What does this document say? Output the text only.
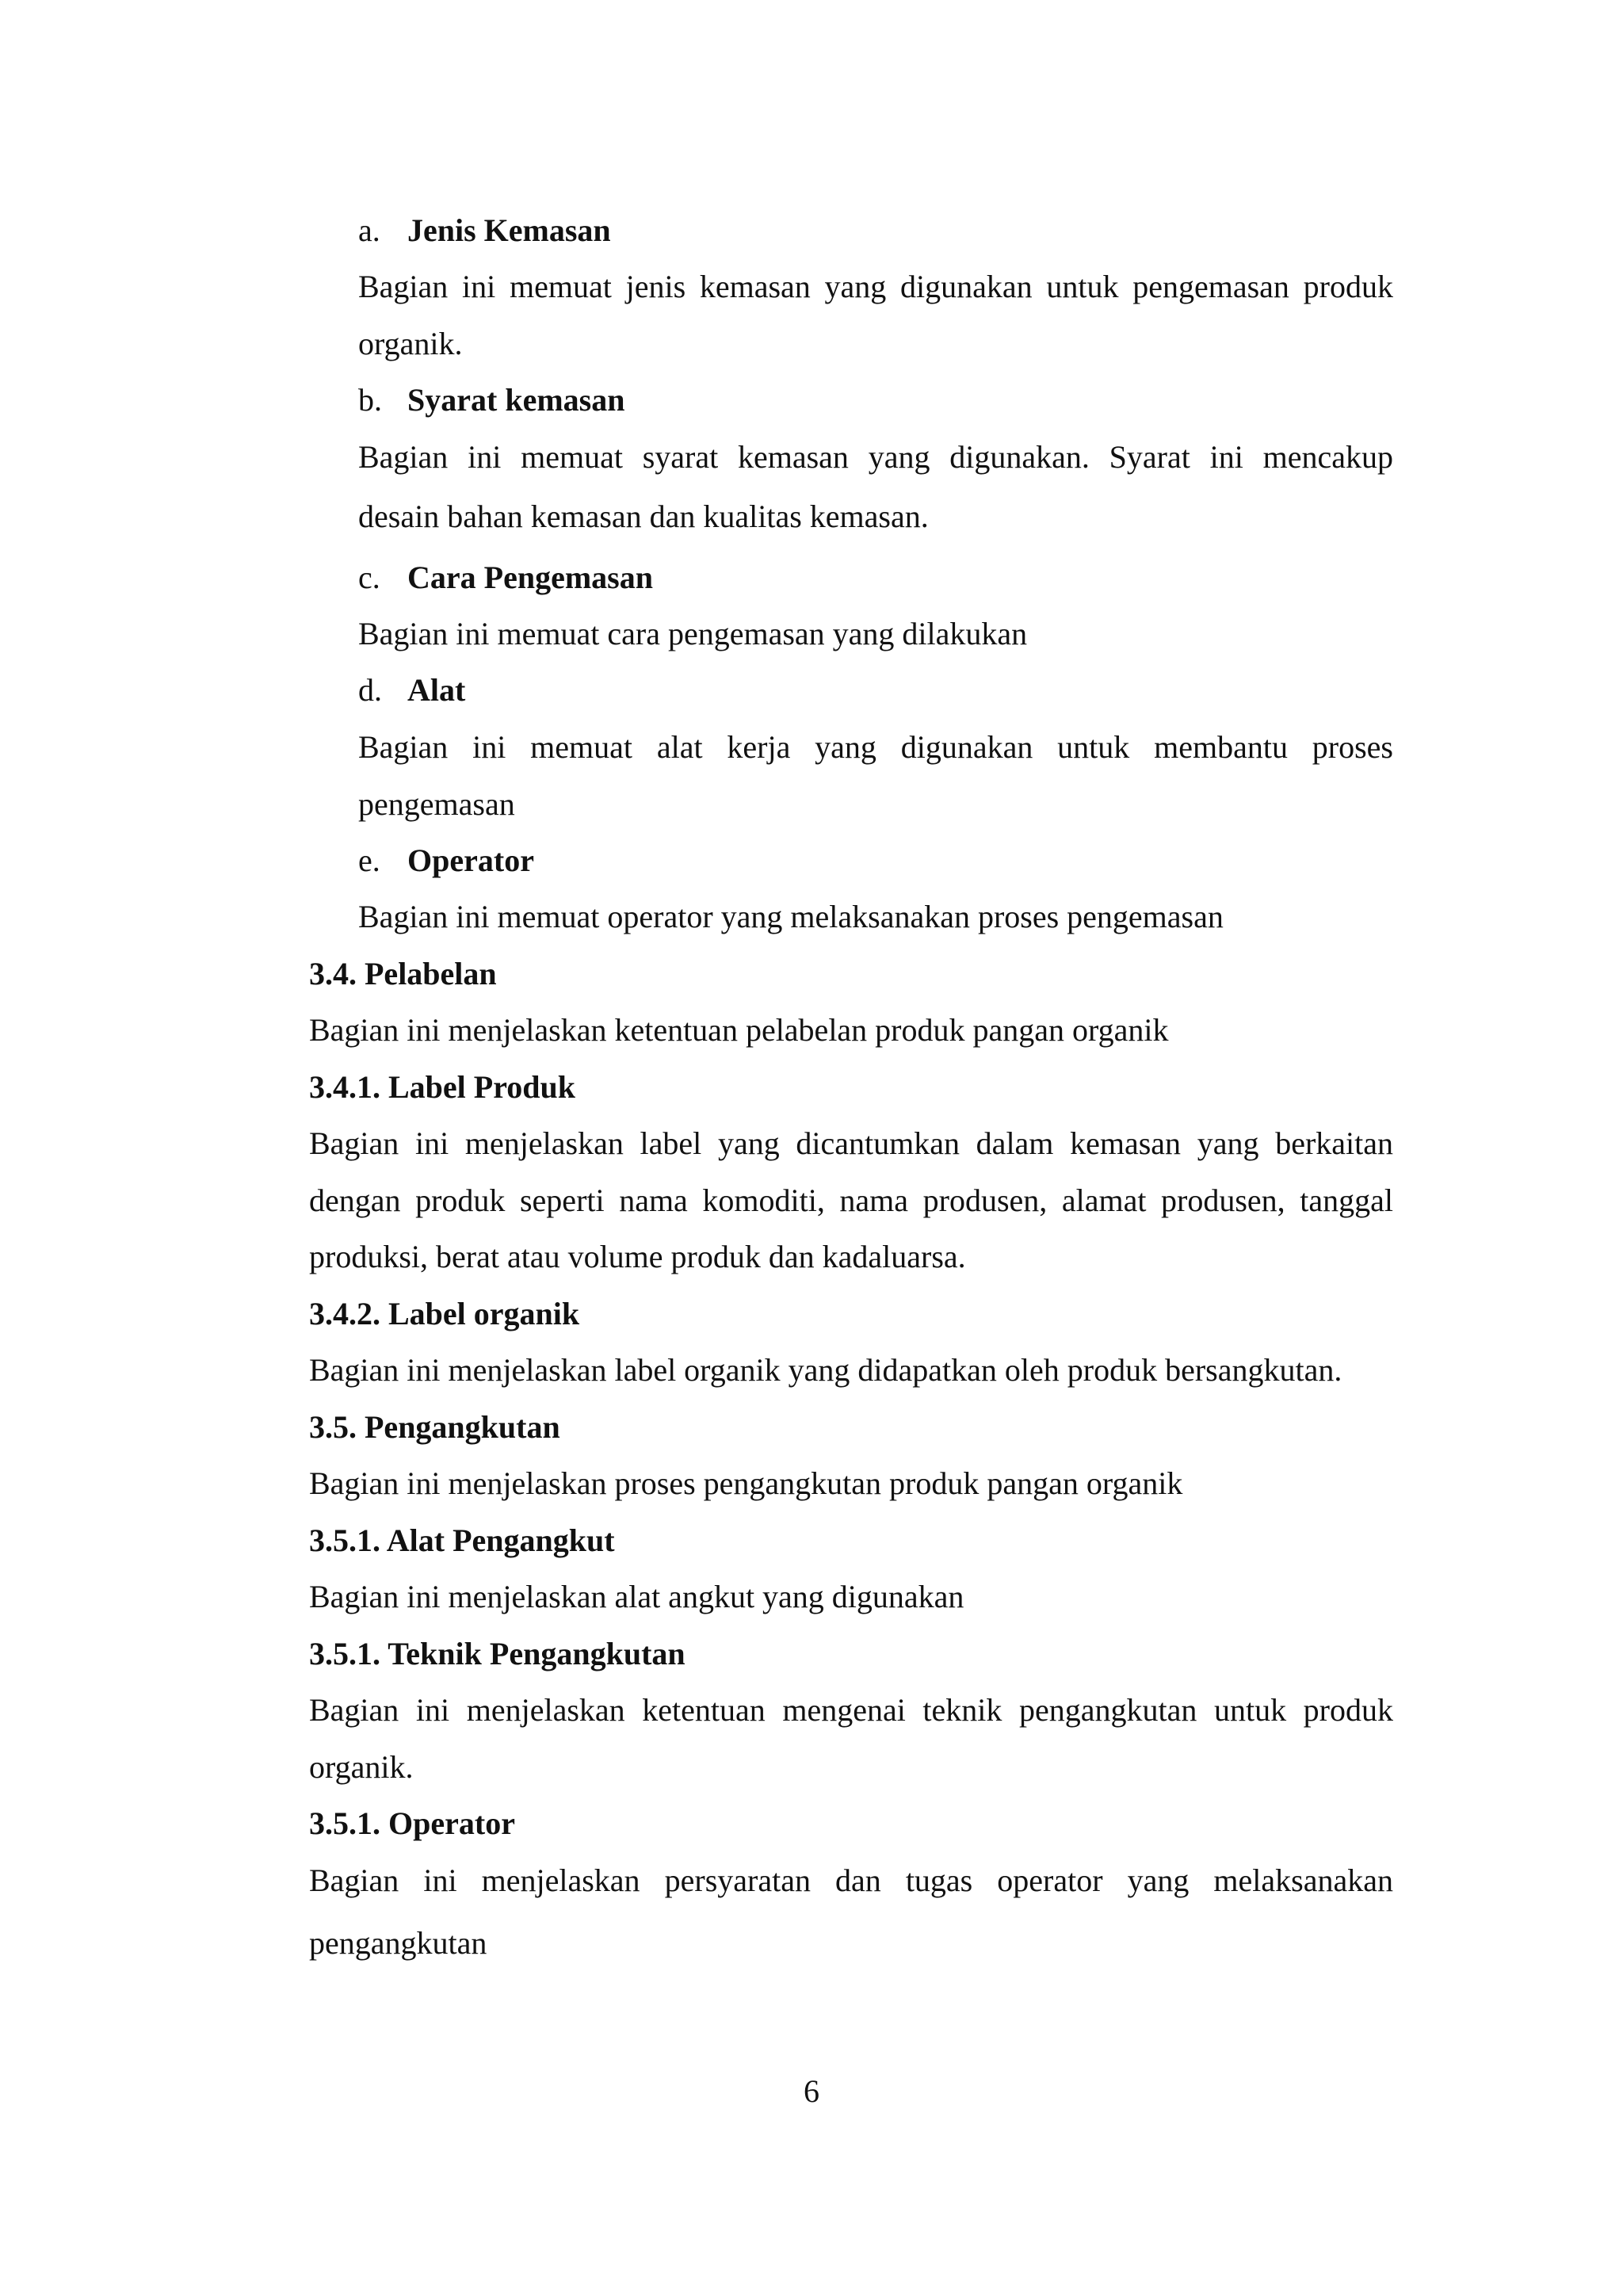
a. Jenis Kemasan
Bagian ini memuat jenis kemasan yang digunakan untuk pengemasan produk
organik.
b. Syarat kemasan
Bagian ini memuat syarat kemasan yang digunakan. Syarat ini mencakup
desain bahan kemasan dan kualitas kemasan.
c. Cara Pengemasan
Bagian ini memuat cara pengemasan yang dilakukan
d. Alat
Bagian ini memuat alat kerja yang digunakan untuk membantu proses
pengemasan
e. Operator
Bagian ini memuat operator yang melaksanakan proses pengemasan
3.4. Pelabelan
Bagian ini menjelaskan ketentuan pelabelan produk pangan organik
3.4.1. Label Produk
Bagian ini menjelaskan label yang dicantumkan dalam kemasan yang berkaitan
dengan produk seperti nama komoditi, nama produsen, alamat produsen, tanggal
produksi, berat atau volume produk dan kadaluarsa.
3.4.2. Label organik
Bagian ini menjelaskan label organik yang didapatkan oleh produk bersangkutan.
3.5. Pengangkutan
Bagian ini menjelaskan proses pengangkutan produk pangan organik
3.5.1. Alat Pengangkut
Bagian ini menjelaskan alat angkut yang digunakan
3.5.1. Teknik Pengangkutan
Bagian ini menjelaskan ketentuan mengenai teknik pengangkutan untuk produk
organik.
3.5.1. Operator
Bagian ini menjelaskan persyaratan dan tugas operator yang melaksanakan
pengangkutan
6
